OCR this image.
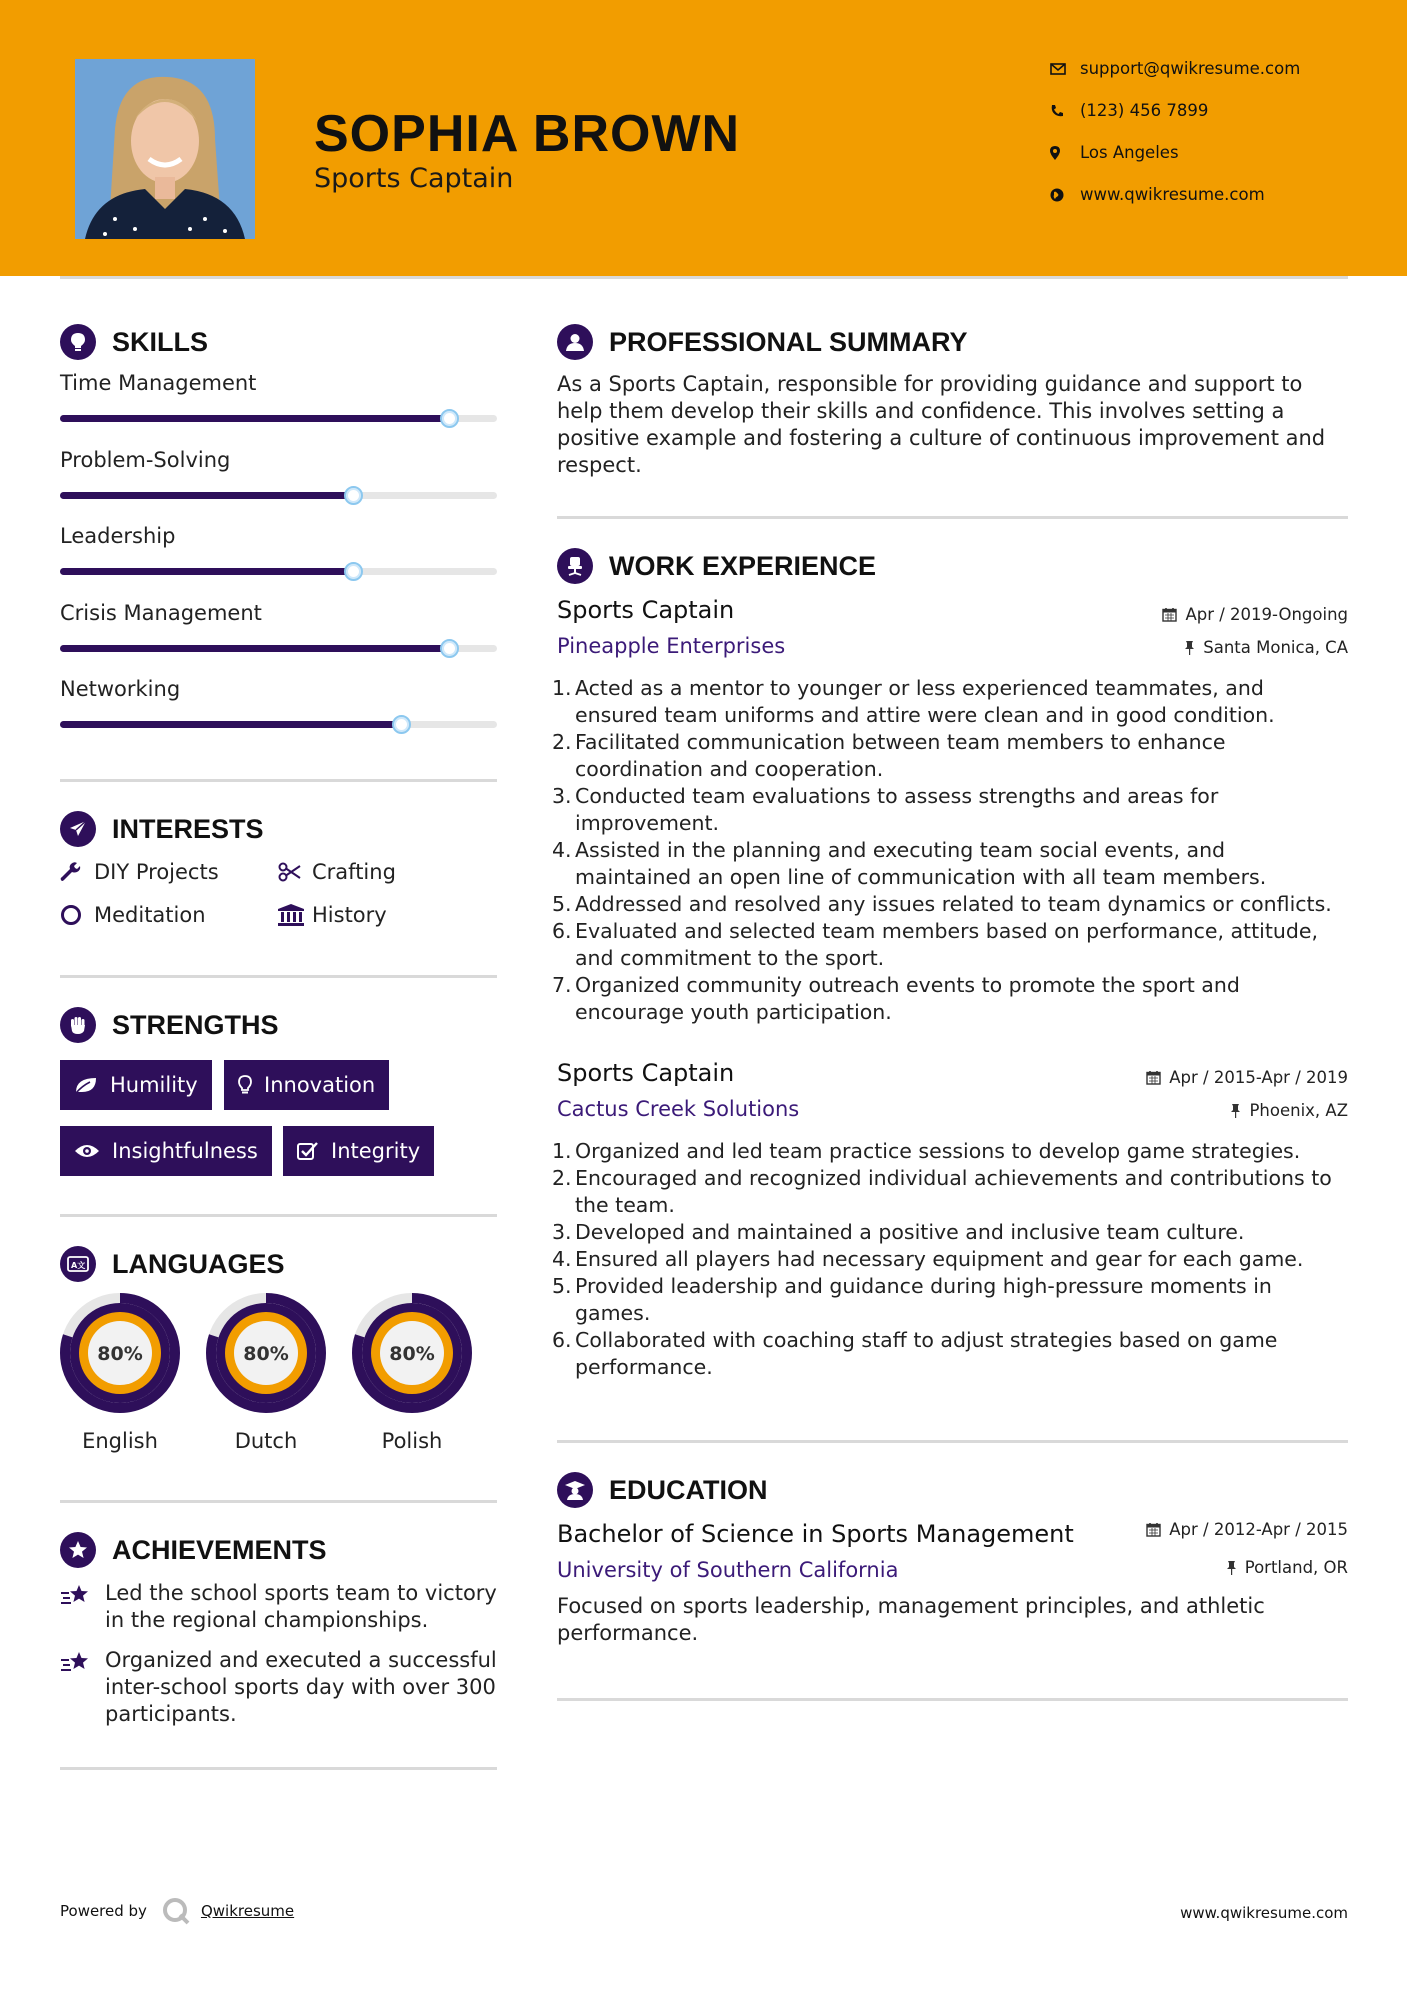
SOPHIA BROWN
Sports Captain
support@qwikresume.com
(123) 456 7899
Los Angeles
www.qwikresume.com
SKILLS
Time Management
Problem-Solving
Leadership
Crisis Management
Networking
INTERESTS
DIY Projects	Crafting
Meditation	History
STRENGTHS
Humility	Innovation
Insightfulness	Integrity
A文 LANGUAGES
80%
English
80%
Dutch
80%
Polish
ACHIEVEMENTS
Led the school sports team to victory in the regional championships.
Organized and executed a successful inter-school sports day with over 300 participants.
PROFESSIONAL SUMMARY
As a Sports Captain, responsible for providing guidance and support to help them develop their skills and confidence. This involves setting a positive example and fostering a culture of continuous improvement and respect.
WORK EXPERIENCE
Sports Captain
Pineapple Enterprises
Apr / 2019-Ongoing
Santa Monica, CA
1. Acted as a mentor to younger or less experienced teammates, and ensured team uniforms and attire were clean and in good condition.
2. Facilitated communication between team members to enhance coordination and cooperation.
3. Conducted team evaluations to assess strengths and areas for improvement.
4. Assisted in the planning and executing team social events, and maintained an open line of communication with all team members.
5. Addressed and resolved any issues related to team dynamics or conflicts.
6. Evaluated and selected team members based on performance, attitude, and commitment to the sport.
7. Organized community outreach events to promote the sport and encourage youth participation.
Sports Captain
Cactus Creek Solutions
Apr / 2015-Apr / 2019
Phoenix, AZ
1. Organized and led team practice sessions to develop game strategies.
2. Encouraged and recognized individual achievements and contributions to the team.
3. Developed and maintained a positive and inclusive team culture.
4. Ensured all players had necessary equipment and gear for each game.
5. Provided leadership and guidance during high-pressure moments in games.
6. Collaborated with coaching staff to adjust strategies based on game performance.
EDUCATION
Bachelor of Science in Sports Management
University of Southern California
Apr / 2012-Apr / 2015
Portland, OR
Focused on sports leadership, management principles, and athletic performance.
Powered by	Qwikresume	www.qwikresume.com
